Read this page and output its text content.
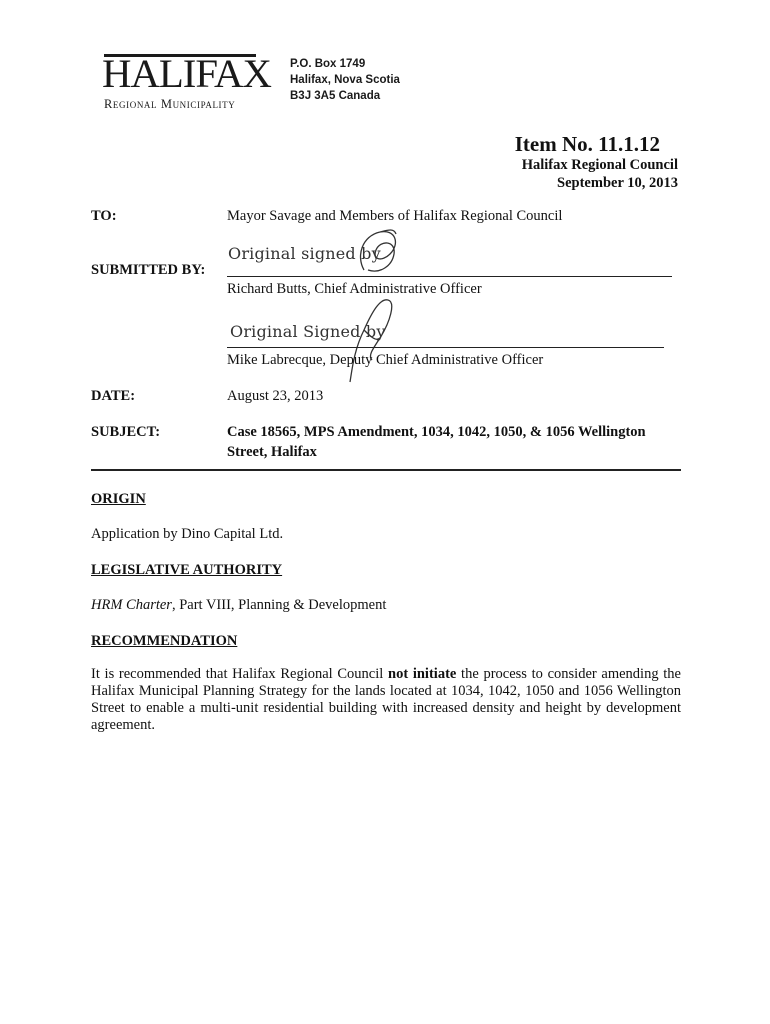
HALIFAX
Regional Municipality
P.O. Box 1749
Halifax, Nova Scotia
B3J 3A5 Canada
Item No. 11.1.12
Halifax Regional Council
September 10, 2013
TO:	Mayor Savage and Members of Halifax Regional Council
Original signed by
SUBMITTED BY:
Richard Butts, Chief Administrative Officer
Original Signed by
Mike Labrecque, Deputy Chief Administrative Officer
DATE:	August 23, 2013
SUBJECT:	Case 18565, MPS Amendment, 1034, 1042, 1050, & 1056 Wellington Street, Halifax
ORIGIN
Application by Dino Capital Ltd.
LEGISLATIVE AUTHORITY
HRM Charter, Part VIII, Planning & Development
RECOMMENDATION
It is recommended that Halifax Regional Council not initiate the process to consider amending the Halifax Municipal Planning Strategy for the lands located at 1034, 1042, 1050 and 1056 Wellington Street to enable a multi-unit residential building with increased density and height by development agreement.
